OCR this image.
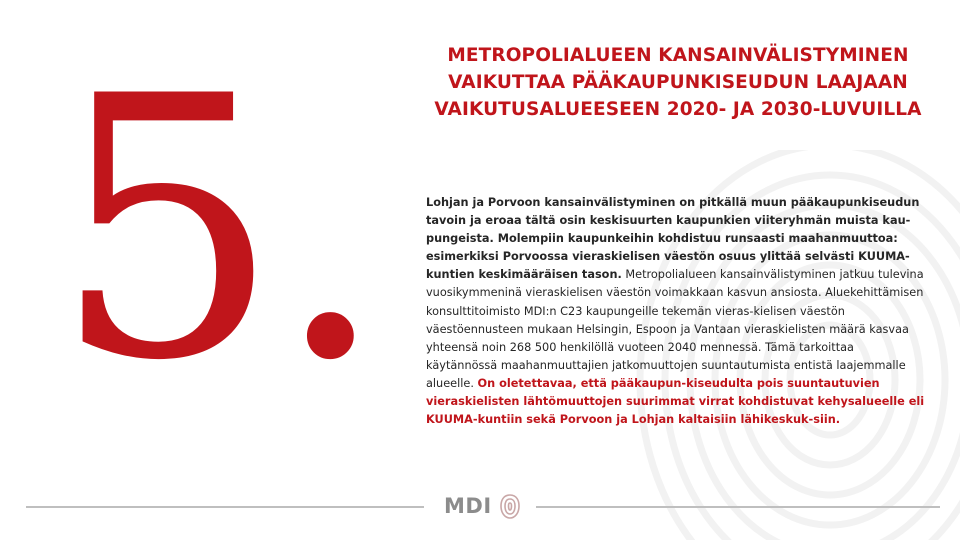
5.	METROPOLIALUEEN KANSAINVÄLISTYMINEN VAIKUTTAA PÄÄKAUPUNKISEUDUN LAAJAAN VAIKUTUSALUEESEEN 2020- JA 2030-LUVUILLA
Lohjan ja Porvoon kansainvälistyminen on pitkällä muun pääkaupunkiseudun tavoin ja eroaa tältä osin keskisuurten kaupunkien viiteryhmän muista kau-pungeista. Molempiin kaupunkeihin kohdistuu runsaasti maahanmuuttoa: esimerkiksi Porvoossa vieraskielisen väestön osuus ylittää selvästi KUUMA-kuntien keskimääräisen tason. Metropolialueen kansainvälistyminen jatkuu tulevina vuosikymmeninä vieraskielisen väestön voimakkaan kasvun ansiosta. Aluekehittämisen konsulttitoimisto MDI:n C23 kaupungeille tekemän vieras-kielisen väestön väestöennusteen mukaan Helsingin, Espoon ja Vantaan vieraskielisten määrä kasvaa yhteensä noin 268 500 henkilöllä vuoteen 2040 mennessä. Tämä tarkoittaa käytännössä maahanmuuttajien jatkomuuttojen suuntautumista entistä laajemmalle alueelle. On oletettavaa, että pääkaupun-kiseudulta pois suuntautuvien vieraskielisten lähtömuuttojen suurimmat virrat kohdistuvat kehysalueelle eli KUUMA-kuntiin sekä Porvoon ja Lohjan kaltaisiin lähikeskuk-siin.
MDI
